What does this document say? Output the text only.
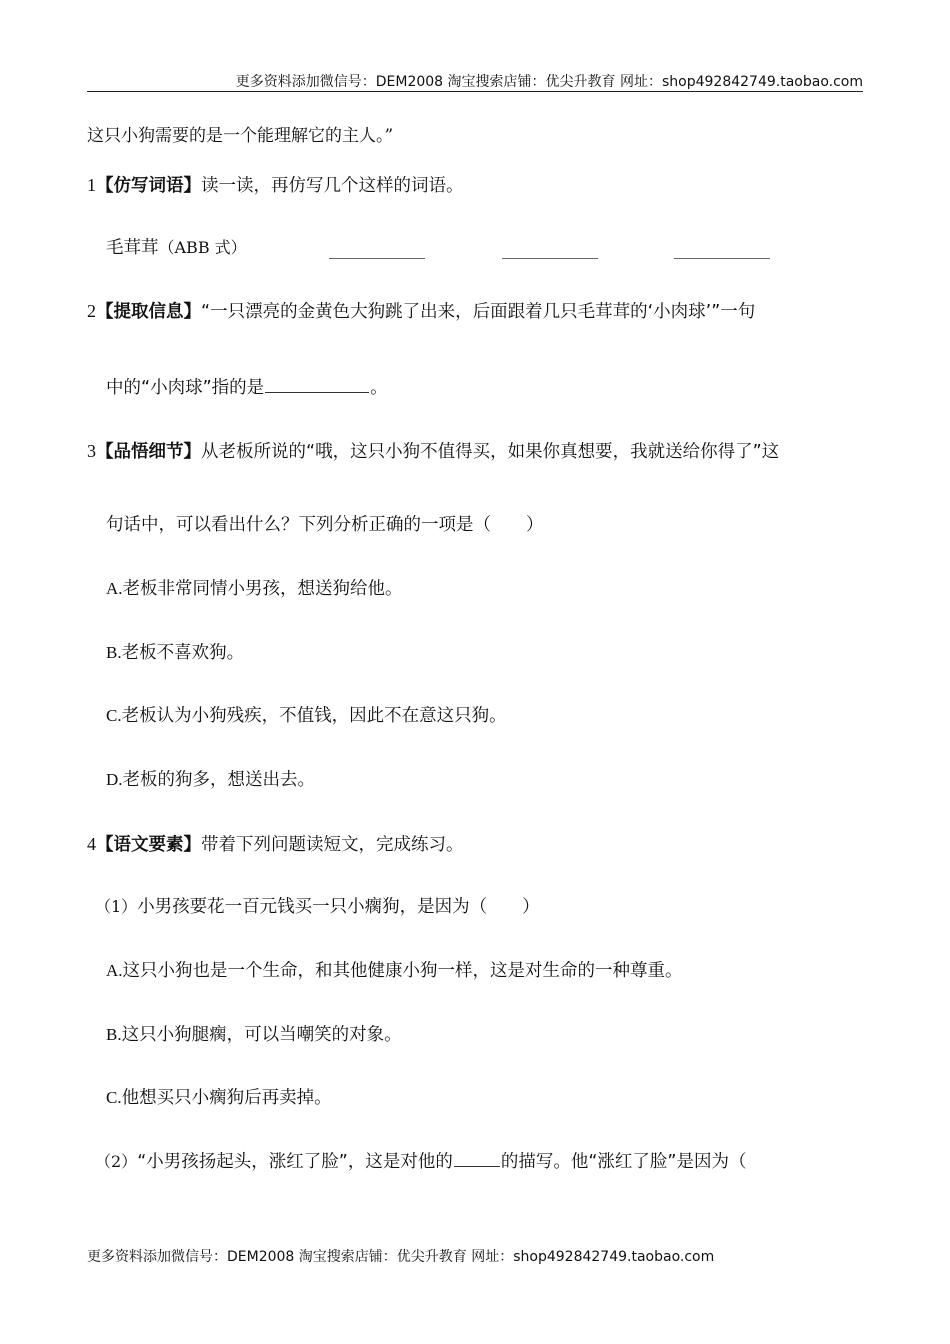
更多资料添加微信号：DEM2008 淘宝搜索店铺：优尖升教育 网址：shop492842749.taobao.com
这只小狗需要的是一个能理解它的主人。”
1【仿写词语】读一读，再仿写几个这样的词语。
毛茸茸（ABB 式）
2【提取信息】“一只漂亮的金黄色大狗跳了出来，后面跟着几只毛茸茸的‘小肉球’”一句
中的“小肉球”指的是	。
3【品悟细节】从老板所说的“哦，这只小狗不值得买，如果你真想要，我就送给你得了”这
句话中，可以看出什么？下列分析正确的一项是（　　）
A.老板非常同情小男孩，想送狗给他。
B.老板不喜欢狗。
C.老板认为小狗残疾，不值钱，因此不在意这只狗。
D.老板的狗多，想送出去。
4【语文要素】带着下列问题读短文，完成练习。
（1）小男孩要花一百元钱买一只小瘸狗，是因为（　　）
A.这只小狗也是一个生命，和其他健康小狗一样，这是对生命的一种尊重。
B.这只小狗腿瘸，可以当嘲笑的对象。
C.他想买只小瘸狗后再卖掉。
（2）“小男孩扬起头，涨红了脸”，这是对他的	的描写。他“涨红了脸”是因为（
更多资料添加微信号：DEM2008 淘宝搜索店铺：优尖升教育 网址：shop492842749.taobao.com
